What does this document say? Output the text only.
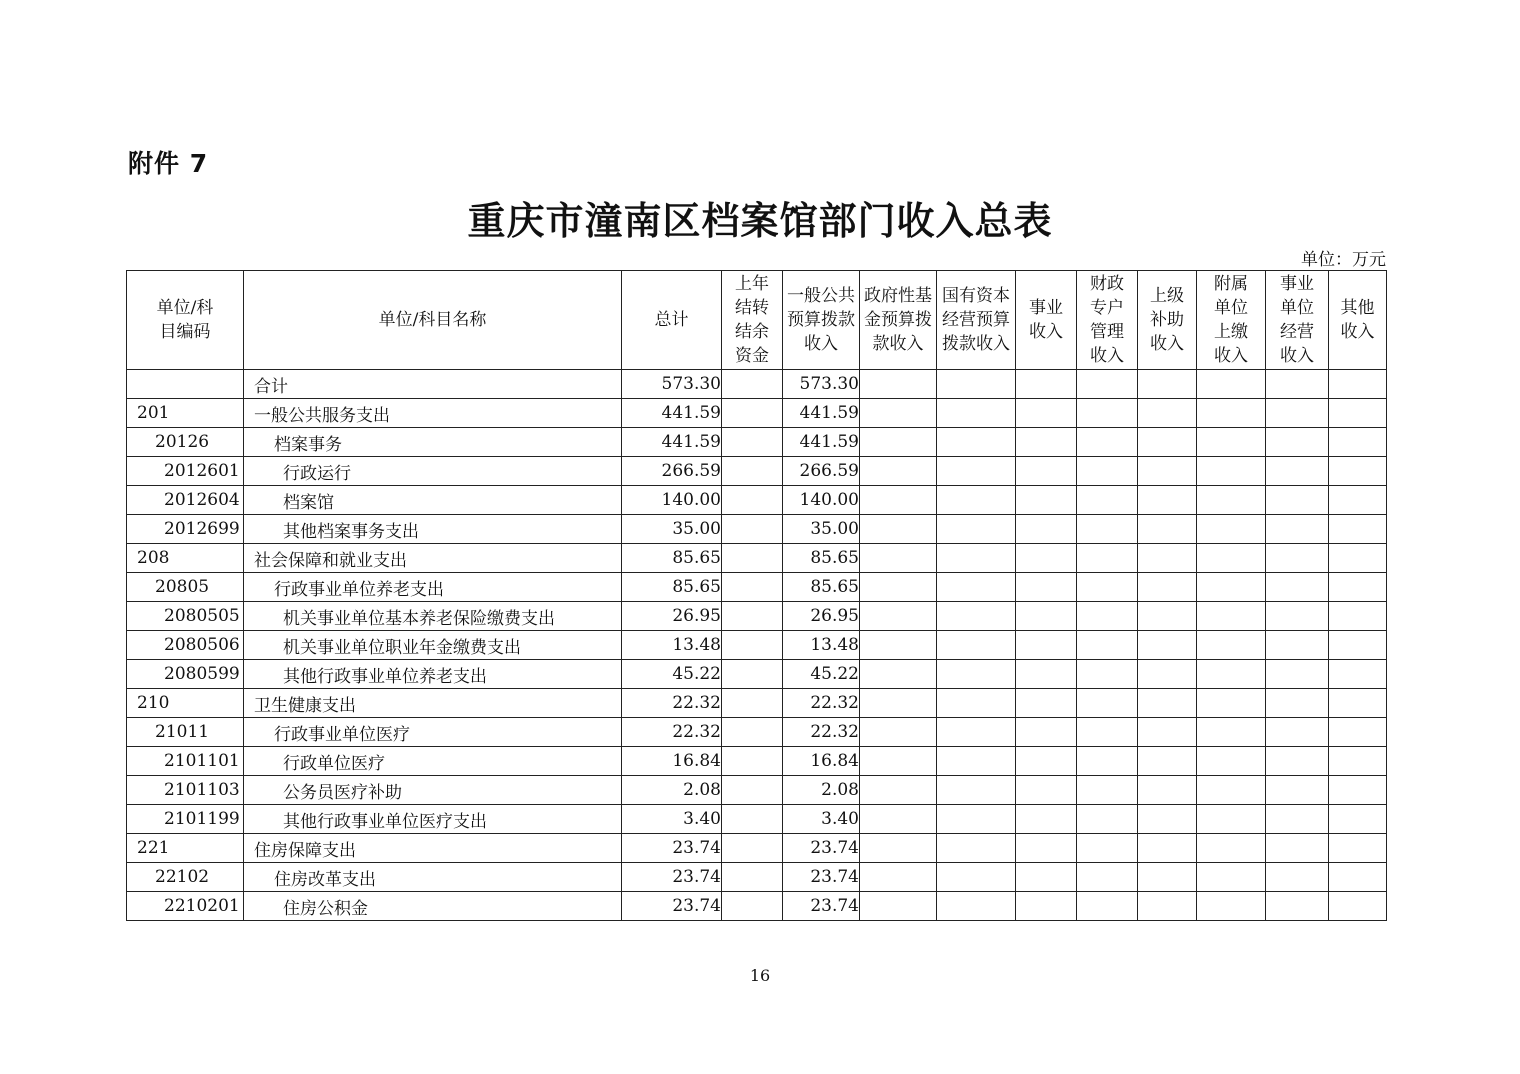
附件 7
重庆市潼南区档案馆部门收入总表
单位：万元
单位/科目编码	单位/科目名称	总计	上年结转结余资金	一般公共预算拨款收入	政府性基金预算拨款收入	国有资本经营预算拨款收入	事业收入	财政专户管理收入	上级补助收入	附属单位上缴收入	事业单位经营收入	其他收入
	合计	573.30		573.30								
201	一般公共服务支出	441.59		441.59								
20126	档案事务	441.59		441.59								
2012601	行政运行	266.59		266.59								
2012604	档案馆	140.00		140.00								
2012699	其他档案事务支出	35.00		35.00								
208	社会保障和就业支出	85.65		85.65								
20805	行政事业单位养老支出	85.65		85.65								
2080505	机关事业单位基本养老保险缴费支出	26.95		26.95								
2080506	机关事业单位职业年金缴费支出	13.48		13.48								
2080599	其他行政事业单位养老支出	45.22		45.22								
210	卫生健康支出	22.32		22.32								
21011	行政事业单位医疗	22.32		22.32								
2101101	行政单位医疗	16.84		16.84								
2101103	公务员医疗补助	2.08		2.08								
2101199	其他行政事业单位医疗支出	3.40		3.40								
221	住房保障支出	23.74		23.74								
22102	住房改革支出	23.74		23.74								
2210201	住房公积金	23.74		23.74								
16
